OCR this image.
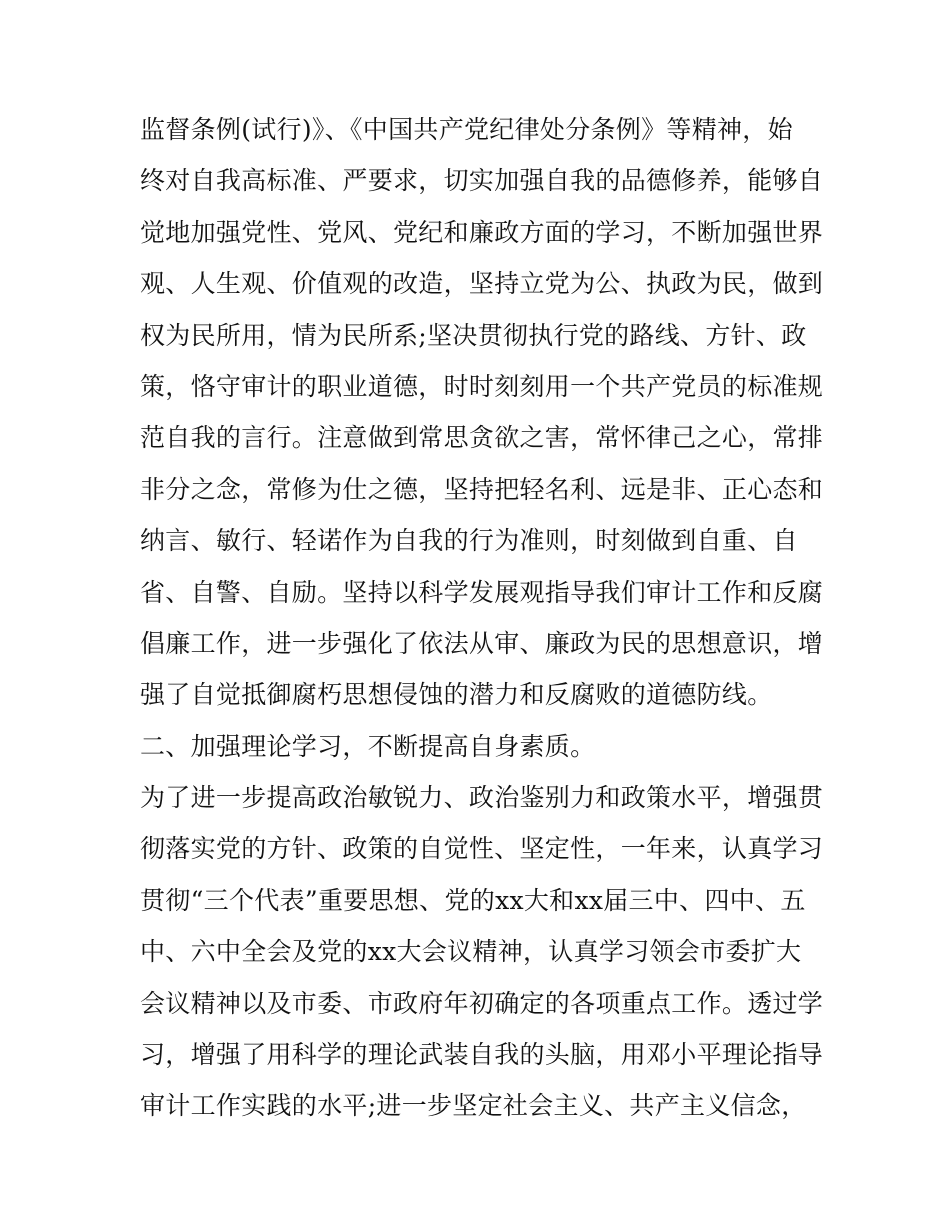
监督条例(试行)》、《中国共产党纪律处分条例》等精神，始
终对自我高标准、严要求，切实加强自我的品德修养，能够自
觉地加强党性、党风、党纪和廉政方面的学习，不断加强世界
观、人生观、价值观的改造，坚持立党为公、执政为民，做到
权为民所用，情为民所系;坚决贯彻执行党的路线、方针、政
策，恪守审计的职业道德，时时刻刻用一个共产党员的标准规
范自我的言行。注意做到常思贪欲之害，常怀律己之心，常排
非分之念，常修为仕之德，坚持把轻名利、远是非、正心态和
纳言、敏行、轻诺作为自我的行为准则，时刻做到自重、自
省、自警、自励。坚持以科学发展观指导我们审计工作和反腐
倡廉工作，进一步强化了依法从审、廉政为民的思想意识，增
强了自觉抵御腐朽思想侵蚀的潜力和反腐败的道德防线。
二、加强理论学习，不断提高自身素质。
为了进一步提高政治敏锐力、政治鉴别力和政策水平，增强贯
彻落实党的方针、政策的自觉性、坚定性，一年来，认真学习
贯彻“三个代表”重要思想、党的xx大和xx届三中、四中、五
中、六中全会及党的xx大会议精神，认真学习领会市委扩大
会议精神以及市委、市政府年初确定的各项重点工作。透过学
习，增强了用科学的理论武装自我的头脑，用邓小平理论指导
审计工作实践的水平;进一步坚定社会主义、共产主义信念，
